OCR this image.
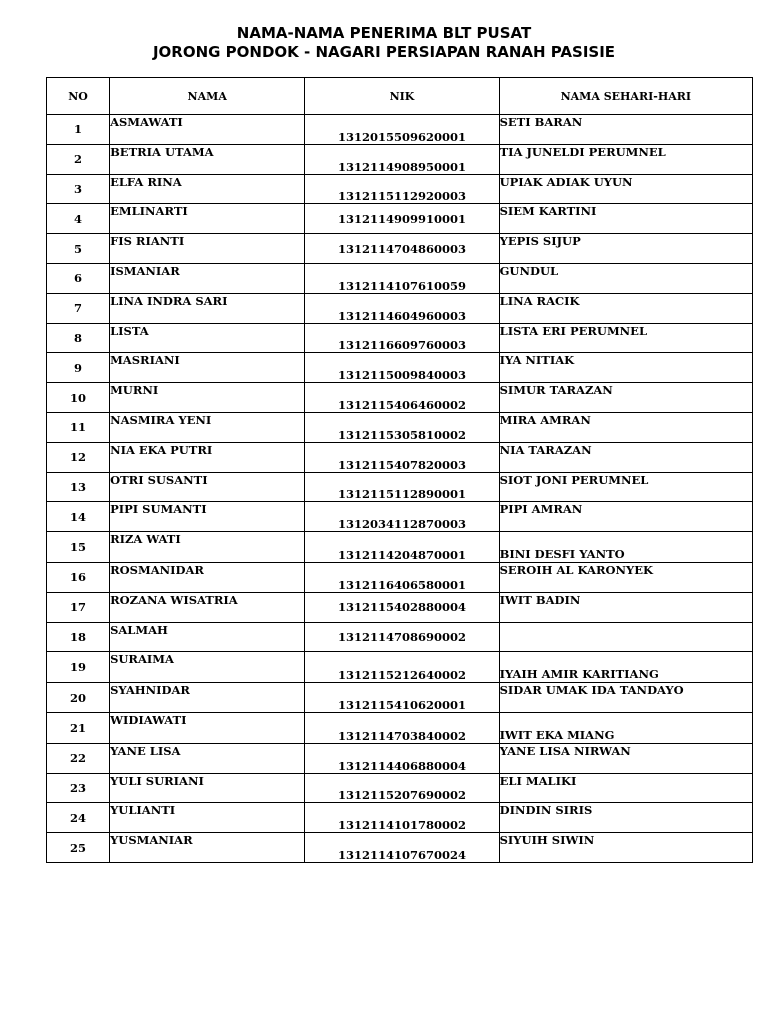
NAMA-NAMA PENERIMA BLT PUSAT
JORONG PONDOK - NAGARI PERSIAPAN RANAH PASISIE
NO	NAMA	NIK	NAMA SEHARI-HARI
1	ASMAWATI	1312015509620001	SETI BARAN
2	BETRIA UTAMA	1312114908950001	TIA JUNELDI PERUMNEL
3	ELFA RINA	1312115112920003	UPIAK ADIAK UYUN
4	EMLINARTI	1312114909910001	SIEM KARTINI
5	FIS RIANTI	1312114704860003	YEPIS SIJUP
6	ISMANIAR	1312114107610059	GUNDUL
7	LINA INDRA SARI	1312114604960003	LINA RACIK
8	LISTA	1312116609760003	LISTA ERI PERUMNEL
9	MASRIANI	1312115009840003	IYA NITIAK
10	MURNI	1312115406460002	SIMUR TARAZAN
11	NASMIRA YENI	1312115305810002	MIRA AMRAN
12	NIA EKA PUTRI	1312115407820003	NIA TARAZAN
13	OTRI SUSANTI	1312115112890001	SIOT JONI PERUMNEL
14	PIPI SUMANTI	1312034112870003	PIPI AMRAN
15	RIZA WATI	1312114204870001	BINI DESFI YANTO
16	ROSMANIDAR	1312116406580001	SEROIH AL KARONYEK
17	ROZANA WISATRIA	1312115402880004	IWIT BADIN
18	SALMAH	1312114708690002	
19	SURAIMA	1312115212640002	IYAIH AMIR KARITIANG
20	SYAHNIDAR	1312115410620001	SIDAR UMAK IDA TANDAYO
21	WIDIAWATI	1312114703840002	IWIT EKA MIANG
22	YANE LISA	1312114406880004	YANE LISA NIRWAN
23	YULI SURIANI	1312115207690002	ELI MALIKI
24	YULIANTI	1312114101780002	DINDIN SIRIS
25	YUSMANIAR	1312114107670024	SIYUIH SIWIN
